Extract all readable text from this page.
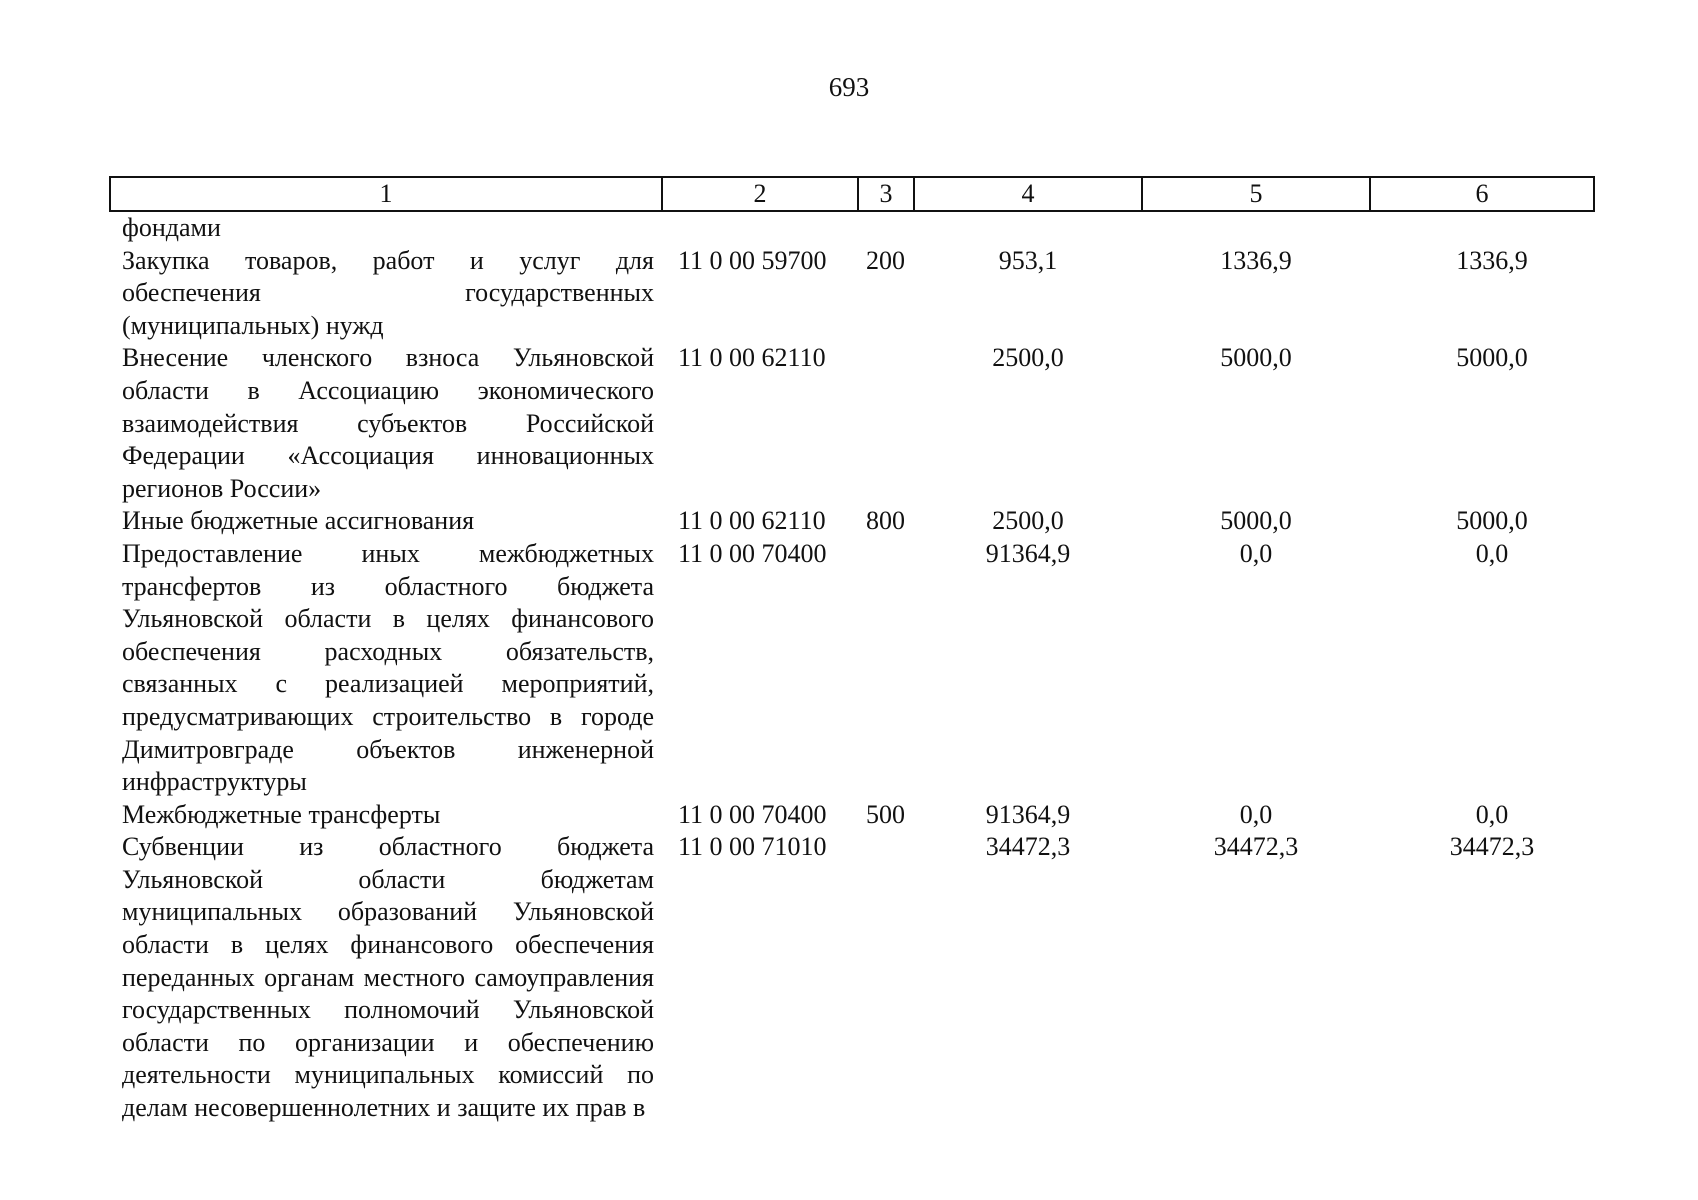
693
1	2	3	4	5	6
фондами					
Закупка товаров, работ и услуг для обеспечения государственных (муниципальных) нужд	11 0 00 59700	200	953,1	1336,9	1336,9
Внесение членского взноса Ульяновской области в Ассоциацию экономического взаимодействия субъектов Российской Федерации «Ассоциация инновационных регионов России»	11 0 00 62110		2500,0	5000,0	5000,0
Иные бюджетные ассигнования	11 0 00 62110	800	2500,0	5000,0	5000,0
Предоставление иных межбюджетных трансфертов из областного бюджета Ульяновской области в целях финансового обеспечения расходных обязательств, связанных с реализацией мероприятий, предусматривающих строительство в городе Димитровграде объектов инженерной инфраструктуры	11 0 00 70400		91364,9	0,0	0,0
Межбюджетные трансферты	11 0 00 70400	500	91364,9	0,0	0,0
Субвенции из областного бюджета Ульяновской области бюджетам муниципальных образований Ульяновской области в целях финансового обеспечения переданных органам местного самоуправления государственных полномочий Ульяновской области по организации и обеспечению деятельности муниципальных комиссий по делам несовершеннолетних и защите их прав в	11 0 00 71010		34472,3	34472,3	34472,3
